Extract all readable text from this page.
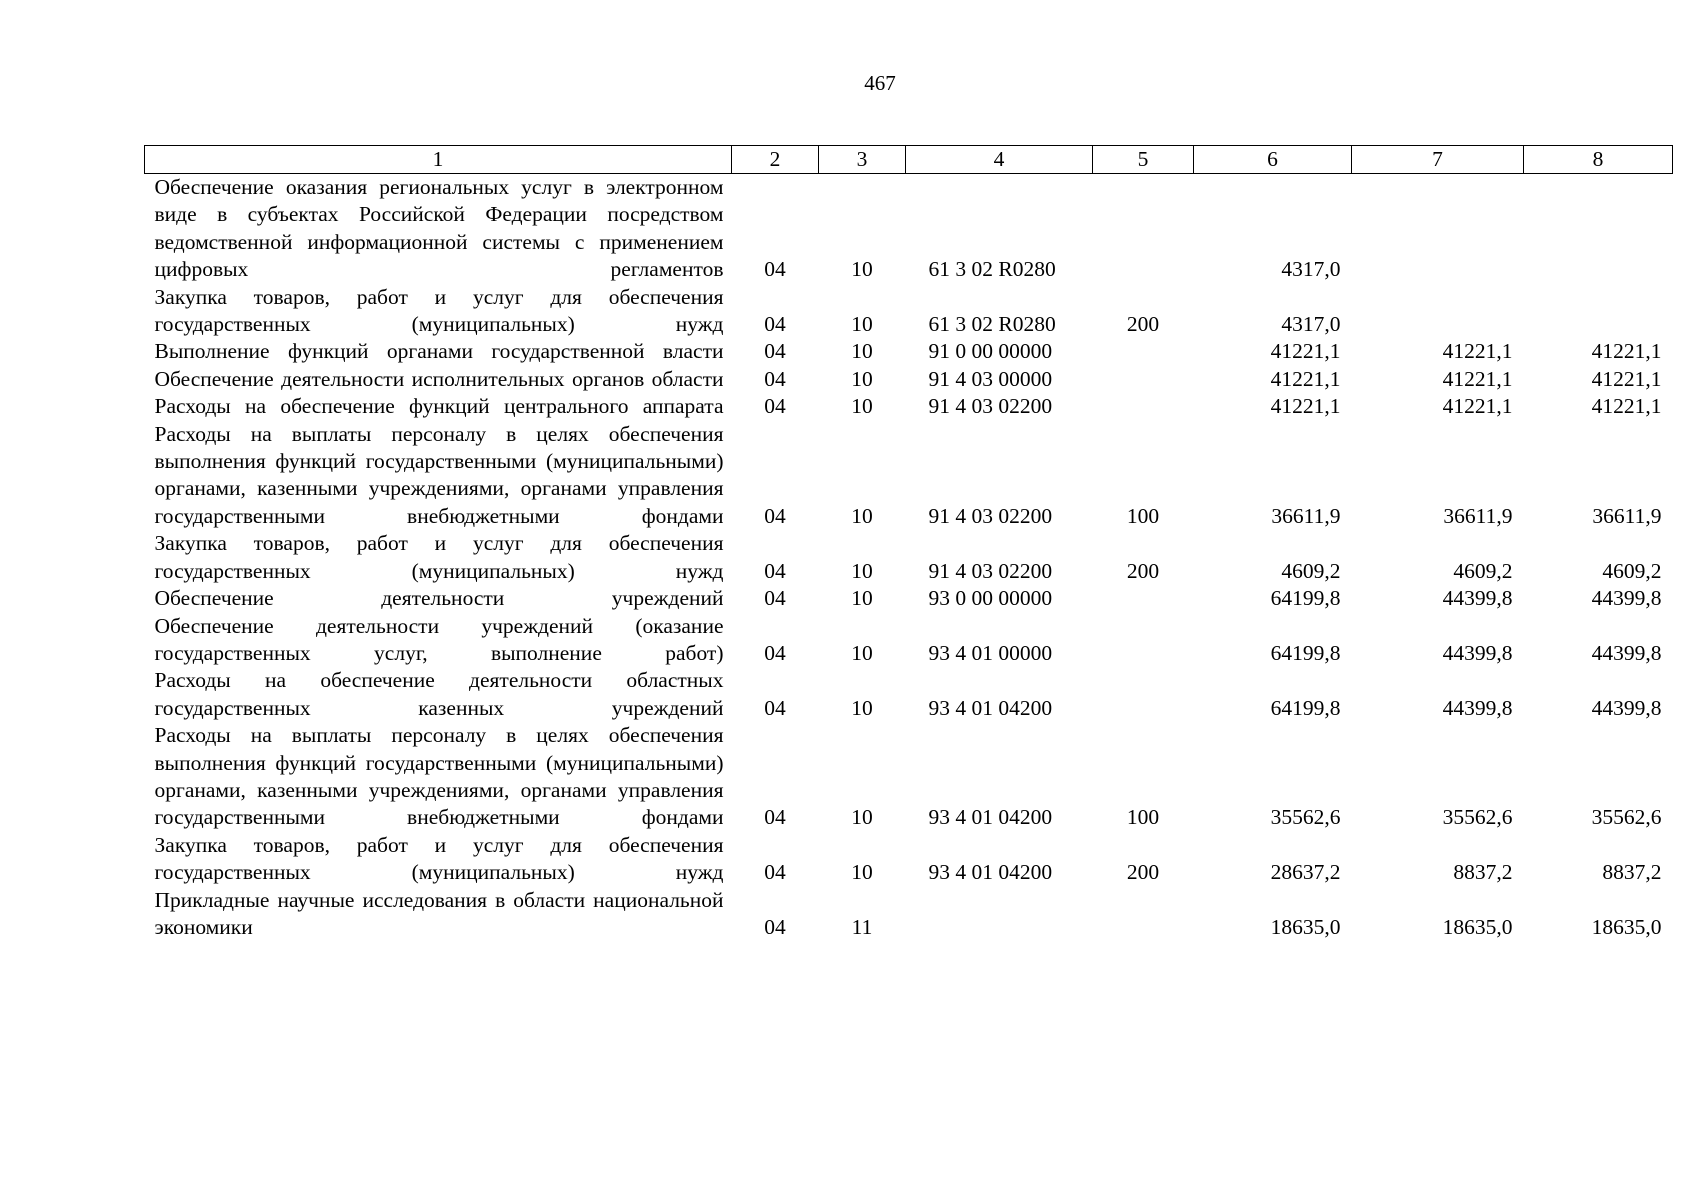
467
1	2	3	4	5	6	7	8
Обеспечение оказания региональных услуг в электронном виде в субъектах Российской Федерации посредством ведомственной информационной системы с применением цифровых регламентов	04	10	61 3 02 R0280		4317,0		
Закупка товаров, работ и услуг для обеспечения государственных (муниципальных) нужд	04	10	61 3 02 R0280	200	4317,0		
Выполнение функций органами государственной власти	04	10	91 0 00 00000		41221,1	41221,1	41221,1
Обеспечение деятельности исполнительных органов области	04	10	91 4 03 00000		41221,1	41221,1	41221,1
Расходы на обеспечение функций центрального аппарата	04	10	91 4 03 02200		41221,1	41221,1	41221,1
Расходы на выплаты персоналу в целях обеспечения выполнения функций государственными (муниципальными) органами, казенными учреждениями, органами управления государственными внебюджетными фондами	04	10	91 4 03 02200	100	36611,9	36611,9	36611,9
Закупка товаров, работ и услуг для обеспечения государственных (муниципальных) нужд	04	10	91 4 03 02200	200	4609,2	4609,2	4609,2
Обеспечение деятельности учреждений	04	10	93 0 00 00000		64199,8	44399,8	44399,8
Обеспечение деятельности учреждений (оказание государственных услуг, выполнение работ)	04	10	93 4 01 00000		64199,8	44399,8	44399,8
Расходы на обеспечение деятельности областных государственных казенных учреждений	04	10	93 4 01 04200		64199,8	44399,8	44399,8
Расходы на выплаты персоналу в целях обеспечения выполнения функций государственными (муниципальными) органами, казенными учреждениями, органами управления государственными внебюджетными фондами	04	10	93 4 01 04200	100	35562,6	35562,6	35562,6
Закупка товаров, работ и услуг для обеспечения государственных (муниципальных) нужд	04	10	93 4 01 04200	200	28637,2	8837,2	8837,2
Прикладные научные исследования в области национальной экономики	04	11			18635,0	18635,0	18635,0
